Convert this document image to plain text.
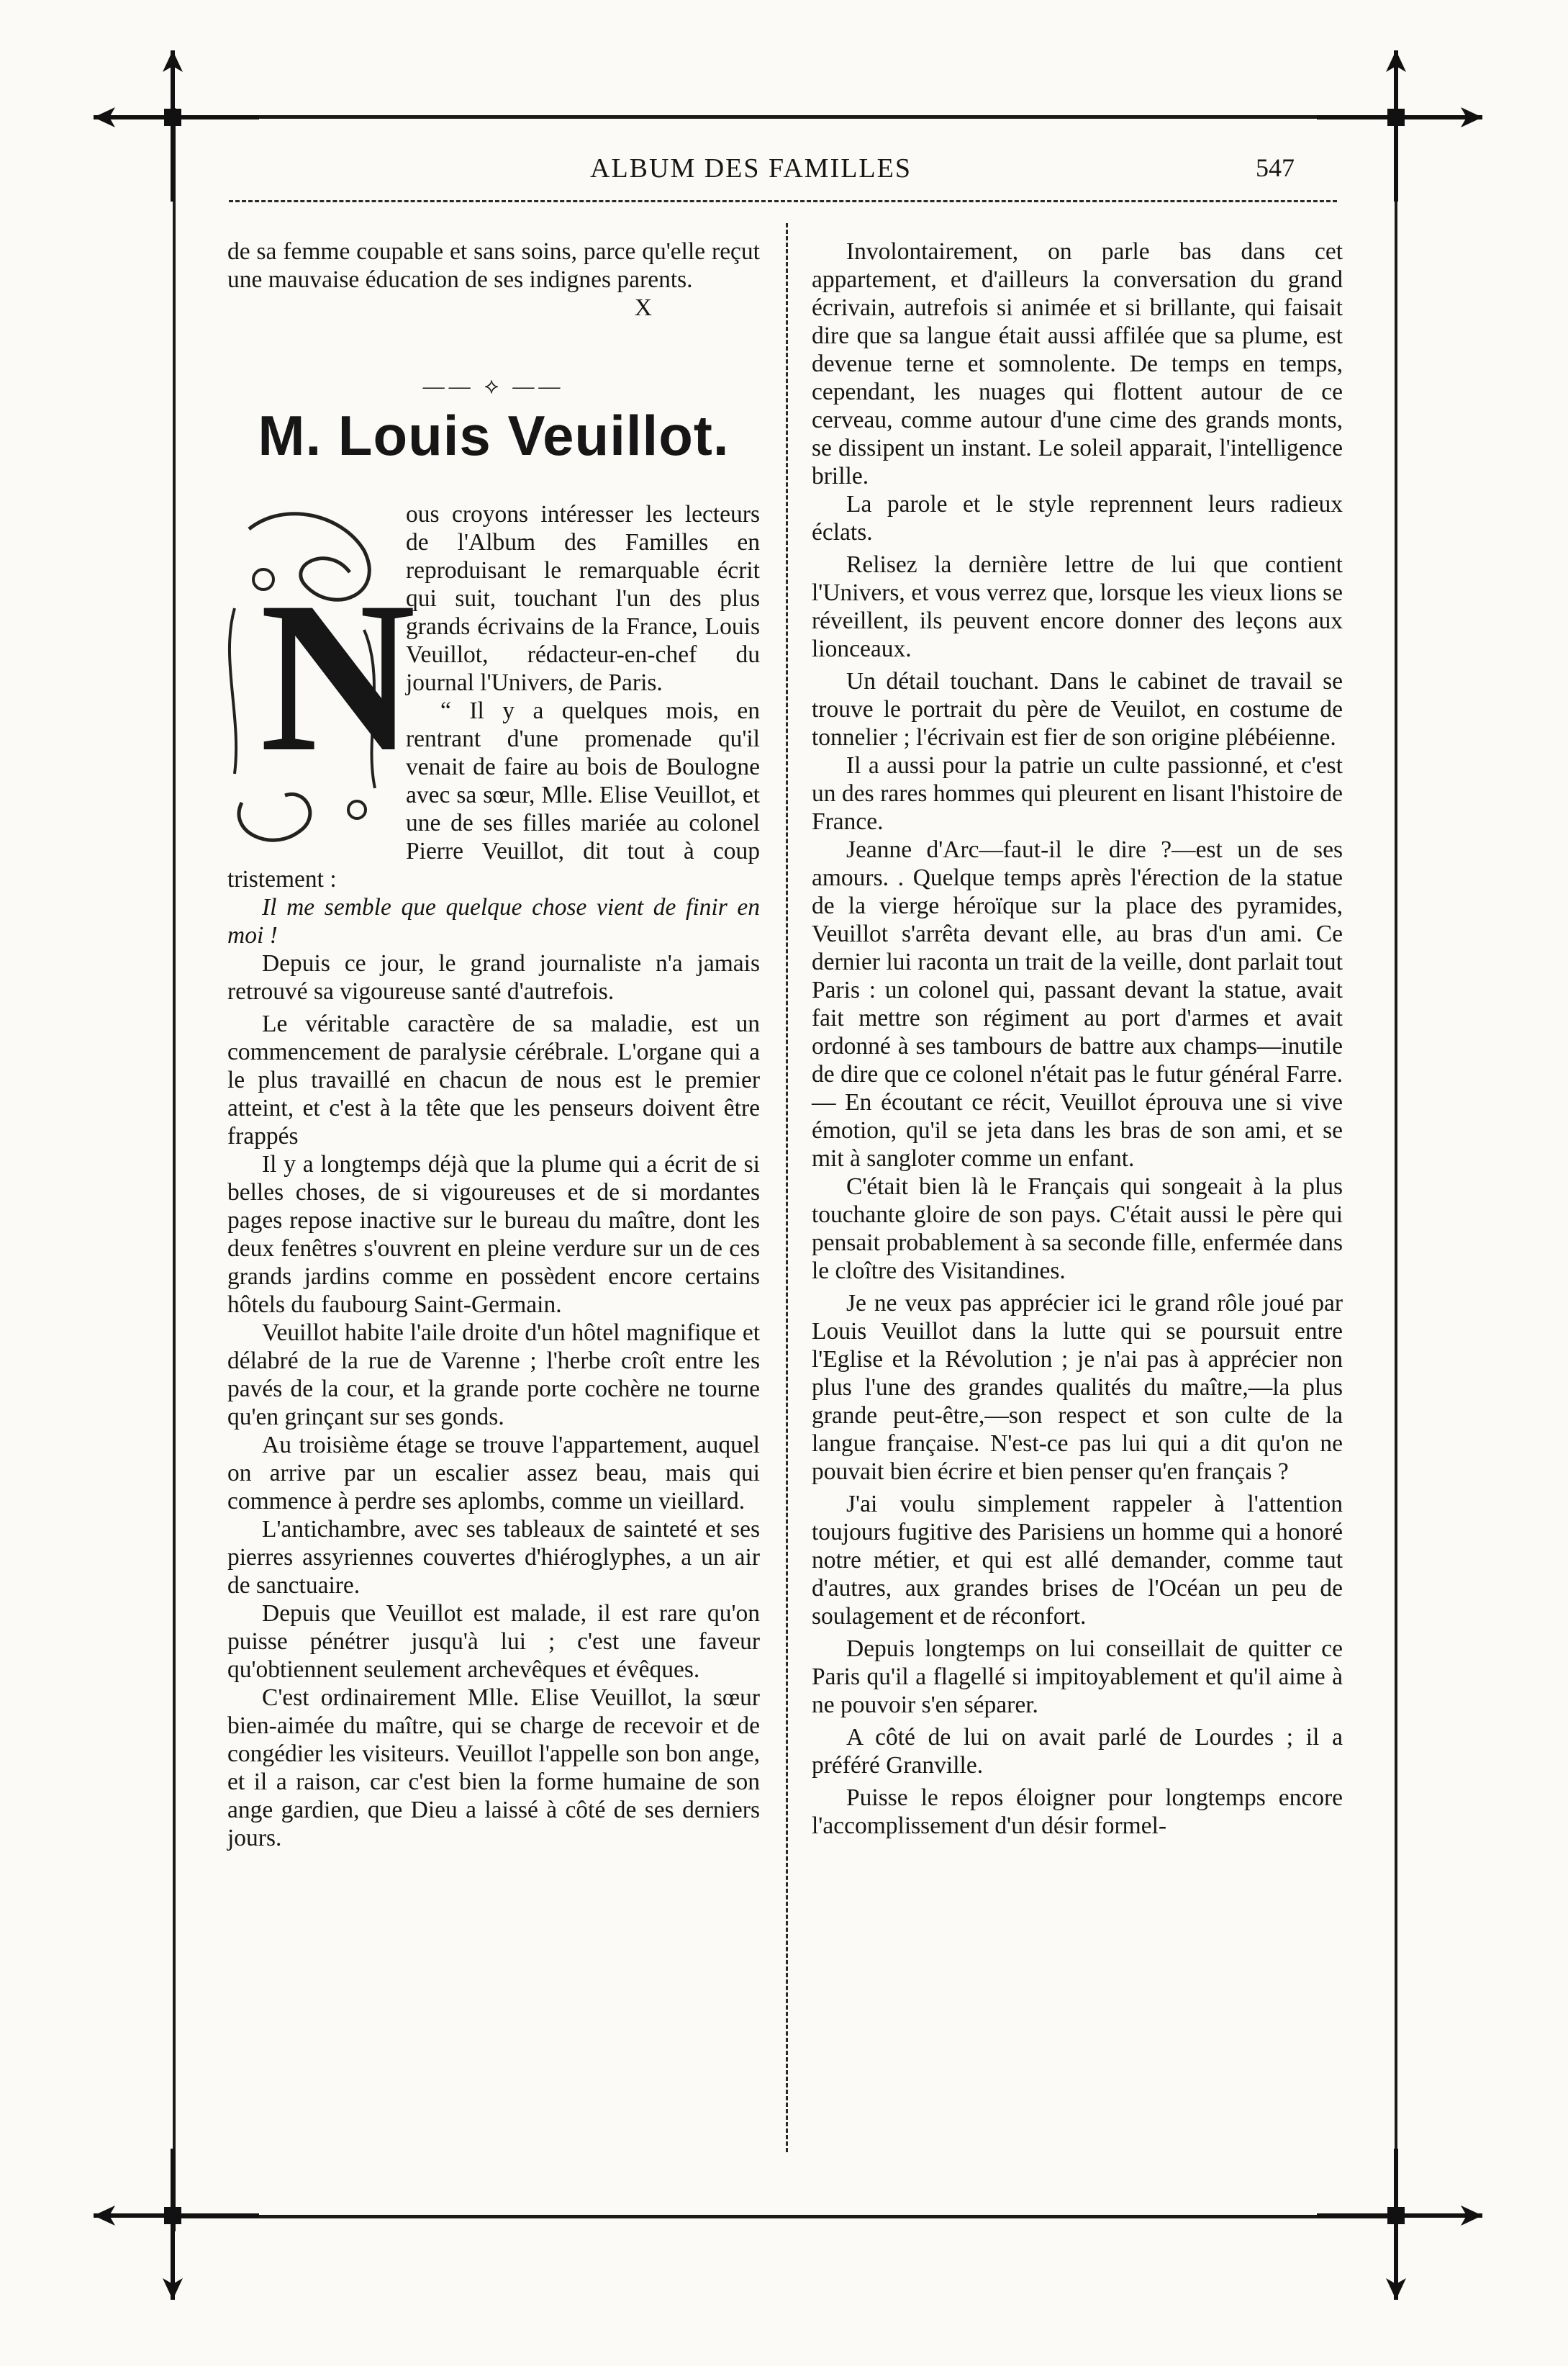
ALBUM DES FAMILLES	547

de sa femme coupable et sans soins, parce qu'elle reçut une mauvaise éducation de ses indignes parents.

X

—— ⟡ ——
M. Louis Veuillot.
N

ous croyons intéresser les lecteurs de l'Album des Familles en reproduisant le remarquable écrit qui suit, touchant l'un des plus grands écrivains de la France, Louis Veuillot, rédacteur-en-chef du journal l'Univers, de Paris.

“ Il y a quelques mois, en rentrant d'une promenade qu'il venait de faire au bois de Boulogne avec sa sœur, Mlle. Elise Veuillot, et une de ses filles mariée au colonel Pierre Veuillot, dit tout à coup tristement :

Il me semble que quelque chose vient de finir en moi !

Depuis ce jour, le grand journaliste n'a jamais retrouvé sa vigoureuse santé d'autrefois.

Le véritable caractère de sa maladie, est un commencement de paralysie cérébrale. L'organe qui a le plus travaillé en chacun de nous est le premier atteint, et c'est à la tête que les penseurs doivent être frappés

Il y a longtemps déjà que la plume qui a écrit de si belles choses, de si vigoureuses et de si mordantes pages repose inactive sur le bureau du maître, dont les deux fenêtres s'ouvrent en pleine verdure sur un de ces grands jardins comme en possèdent encore certains hôtels du faubourg Saint-Germain.

Veuillot habite l'aile droite d'un hôtel magnifique et délabré de la rue de Varenne ; l'herbe croît entre les pavés de la cour, et la grande porte cochère ne tourne qu'en grinçant sur ses gonds.

Au troisième étage se trouve l'appartement, auquel on arrive par un escalier assez beau, mais qui commence à perdre ses aplombs, comme un vieillard.

L'antichambre, avec ses tableaux de sainteté et ses pierres assyriennes couvertes d'hiéroglyphes, a un air de sanctuaire.

Depuis que Veuillot est malade, il est rare qu'on puisse pénétrer jusqu'à lui ; c'est une faveur qu'obtiennent seulement archevêques et évêques.

C'est ordinairement Mlle. Elise Veuillot, la sœur bien-aimée du maître, qui se charge de recevoir et de congédier les visiteurs. Veuillot l'appelle son bon ange, et il a raison, car c'est bien la forme humaine de son ange gardien, que Dieu a laissé à côté de ses derniers jours.

Involontairement, on parle bas dans cet appartement, et d'ailleurs la conversation du grand écrivain, autrefois si animée et si brillante, qui faisait dire que sa langue était aussi affilée que sa plume, est devenue terne et somnolente. De temps en temps, cependant, les nuages qui flottent autour de ce cerveau, comme autour d'une cime des grands monts, se dissipent un instant. Le soleil apparait, l'intelligence brille.

La parole et le style reprennent leurs radieux éclats.

Relisez la dernière lettre de lui que contient l'Univers, et vous verrez que, lorsque les vieux lions se réveillent, ils peuvent encore donner des leçons aux lionceaux.

Un détail touchant. Dans le cabinet de travail se trouve le portrait du père de Veuilot, en costume de tonnelier ; l'écrivain est fier de son origine plébéienne.

Il a aussi pour la patrie un culte passionné, et c'est un des rares hommes qui pleurent en lisant l'histoire de France.

Jeanne d'Arc—faut-il le dire ?—est un de ses amours. . Quelque temps après l'érection de la statue de la vierge héroïque sur la place des pyramides, Veuillot s'arrêta devant elle, au bras d'un ami. Ce dernier lui raconta un trait de la veille, dont parlait tout Paris : un colonel qui, passant devant la statue, avait fait mettre son régiment au port d'armes et avait ordonné à ses tambours de battre aux champs—inutile de dire que ce colonel n'était pas le futur général Farre.— En écoutant ce récit, Veuillot éprouva une si vive émotion, qu'il se jeta dans les bras de son ami, et se mit à sangloter comme un enfant.

C'était bien là le Français qui songeait à la plus touchante gloire de son pays. C'était aussi le père qui pensait probablement à sa seconde fille, enfermée dans le cloître des Visitandines.

Je ne veux pas apprécier ici le grand rôle joué par Louis Veuillot dans la lutte qui se poursuit entre l'Eglise et la Révolution ; je n'ai pas à apprécier non plus l'une des grandes qualités du maître,—la plus grande peut-être,—son respect et son culte de la langue française. N'est-ce pas lui qui a dit qu'on ne pouvait bien écrire et bien penser qu'en français ?

J'ai voulu simplement rappeler à l'attention toujours fugitive des Parisiens un homme qui a honoré notre métier, et qui est allé demander, comme taut d'autres, aux grandes brises de l'Océan un peu de soulagement et de réconfort.

Depuis longtemps on lui conseillait de quitter ce Paris qu'il a flagellé si impitoyablement et qu'il aime à ne pouvoir s'en séparer.

A côté de lui on avait parlé de Lourdes ; il a préféré Granville.

Puisse le repos éloigner pour longtemps encore l'accomplissement d'un désir formel-
